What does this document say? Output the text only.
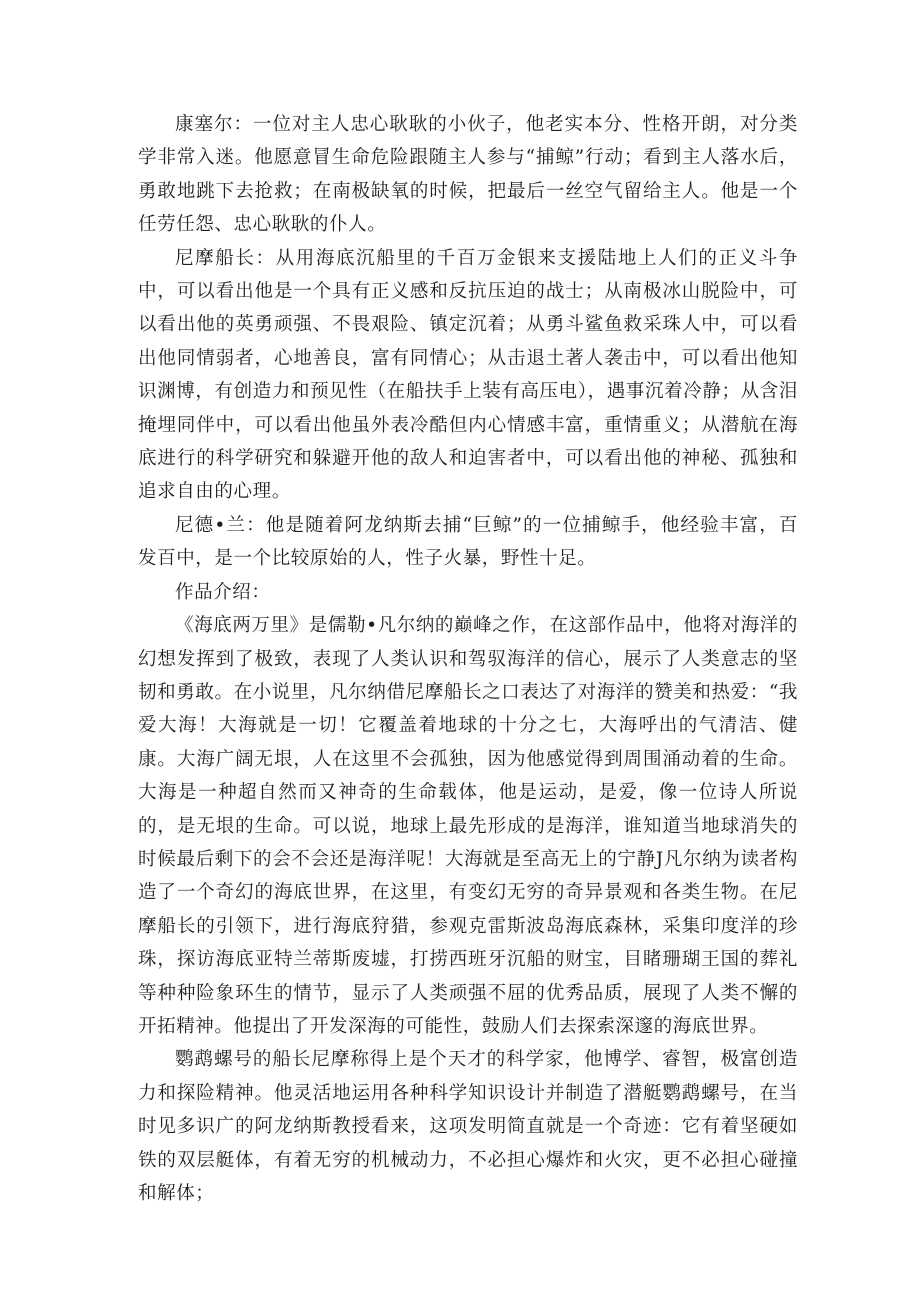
康塞尔：一位对主人忠心耿耿的小伙子，他老实本分、性格开朗，对分类学非常入迷。他愿意冒生命危险跟随主人参与“捕鲸”行动；看到主人落水后，勇敢地跳下去抢救；在南极缺氧的时候，把最后一丝空气留给主人。他是一个任劳任怨、忠心耿耿的仆人。

尼摩船长：从用海底沉船里的千百万金银来支援陆地上人们的正义斗争中，可以看出他是一个具有正义感和反抗压迫的战士；从南极冰山脱险中，可以看出他的英勇顽强、不畏艰险、镇定沉着；从勇斗鲨鱼救采珠人中，可以看出他同情弱者，心地善良，富有同情心；从击退土著人袭击中，可以看出他知识渊博，有创造力和预见性（在船扶手上装有高压电），遇事沉着冷静；从含泪掩埋同伴中，可以看出他虽外表冷酷但内心情感丰富，重情重义；从潜航在海底进行的科学研究和躲避开他的敌人和迫害者中，可以看出他的神秘、孤独和追求自由的心理。

尼德•兰：他是随着阿龙纳斯去捕“巨鲸”的一位捕鲸手，他经验丰富，百发百中，是一个比较原始的人，性子火暴，野性十足。

作品介绍：

《海底两万里》是儒勒•凡尔纳的巅峰之作，在这部作品中，他将对海洋的幻想发挥到了极致，表现了人类认识和驾驭海洋的信心，展示了人类意志的坚韧和勇敢。在小说里，凡尔纳借尼摩船长之口表达了对海洋的赞美和热爱：“我爱大海！大海就是一切！它覆盖着地球的十分之七，大海呼出的气清洁、健康。大海广阔无垠，人在这里不会孤独，因为他感觉得到周围涌动着的生命。大海是一种超自然而又神奇的生命载体，他是运动，是爱，像一位诗人所说的，是无垠的生命。可以说，地球上最先形成的是海洋，谁知道当地球消失的时候最后剩下的会不会还是海洋呢！大海就是至高无上的宁静J凡尔纳为读者构造了一个奇幻的海底世界，在这里，有变幻无穷的奇异景观和各类生物。在尼摩船长的引领下，进行海底狩猎，参观克雷斯波岛海底森林，采集印度洋的珍珠，探访海底亚特兰蒂斯废墟，打捞西班牙沉船的财宝，目睹珊瑚王国的葬礼等种种险象环生的情节，显示了人类顽强不屈的优秀品质，展现了人类不懈的开拓精神。他提出了开发深海的可能性，鼓励人们去探索深邃的海底世界。

鹦鹉螺号的船长尼摩称得上是个天才的科学家，他博学、睿智，极富创造力和探险精神。他灵活地运用各种科学知识设计并制造了潜艇鹦鹉螺号，在当时见多识广的阿龙纳斯教授看来，这项发明简直就是一个奇迹：它有着坚硬如铁的双层艇体，有着无穷的机械动力，不必担心爆炸和火灾，更不必担心碰撞和解体；
